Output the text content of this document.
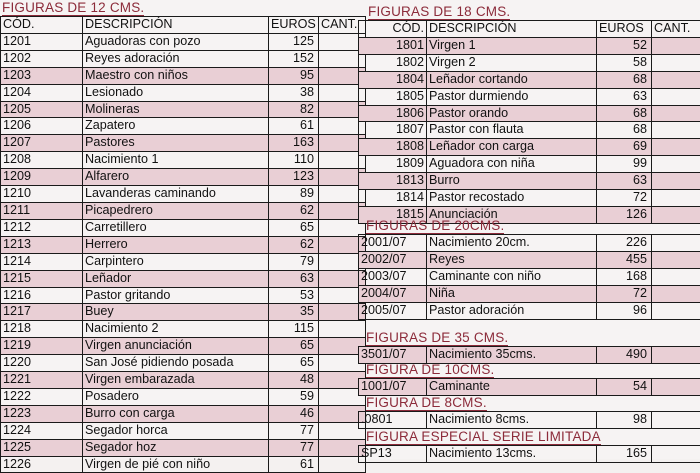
FIGURAS DE 12 CMS.
CÓD.	DESCRIPCIÓN	EUROS	CANT.
1201	Aguadoras con pozo	125	
1202	Reyes adoración	152	
1203	Maestro con niños	95	
1204	Lesionado	38	
1205	Molineras	82	
1206	Zapatero	61	
1207	Pastores	163	
1208	Nacimiento 1	110	
1209	Alfarero	123	
1210	Lavanderas caminando	89	
1211	Picapedrero	62	
1212	Carretillero	65	
1213	Herrero	62	
1214	Carpintero	79	
1215	Leñador	63	
1216	Pastor gritando	53	
1217	Buey	35	
1218	Nacimiento 2	115	
1219	Virgen anunciación	65	
1220	San José pidiendo posada	65	
1221	Virgen embarazada	48	
1222	Posadero	59	
1223	Burro con carga	46	
1224	Segador horca	77	
1225	Segador hoz	77	
1226	Virgen de pié con niño	61	
FIGURAS DE 18 CMS.
CÓD.	DESCRIPCIÓN	EUROS	CANT.
1801	Virgen 1	52	
1802	Virgen 2	58	
1804	Leñador cortando	68	
1805	Pastor durmiendo	63	
1806	Pastor orando	68	
1807	Pastor con flauta	68	
1808	Leñador con carga	69	
1809	Aguadora con niña	99	
1813	Burro	63	
1814	Pastor recostado	72	
1815	Anunciación	126	
FIGURAS DE 20CMS.
2001/07	Nacimiento 20cm.	226	
2002/07	Reyes	455	
2003/07	Caminante con niño	168	
2004/07	Niña	72	
2005/07	Pastor adoración	96	
FIGURAS DE 35 CMS.
3501/07	Nacimiento 35cms.	490	
FIGURA DE 10CMS.
1001/07	Caminante	54	
FIGURA DE 8CMS.
.0801	Nacimiento 8cms.	98	
FIGURA ESPECIAL SERIE LIMITADA
SP13	Nacimiento 13cms.	165	
